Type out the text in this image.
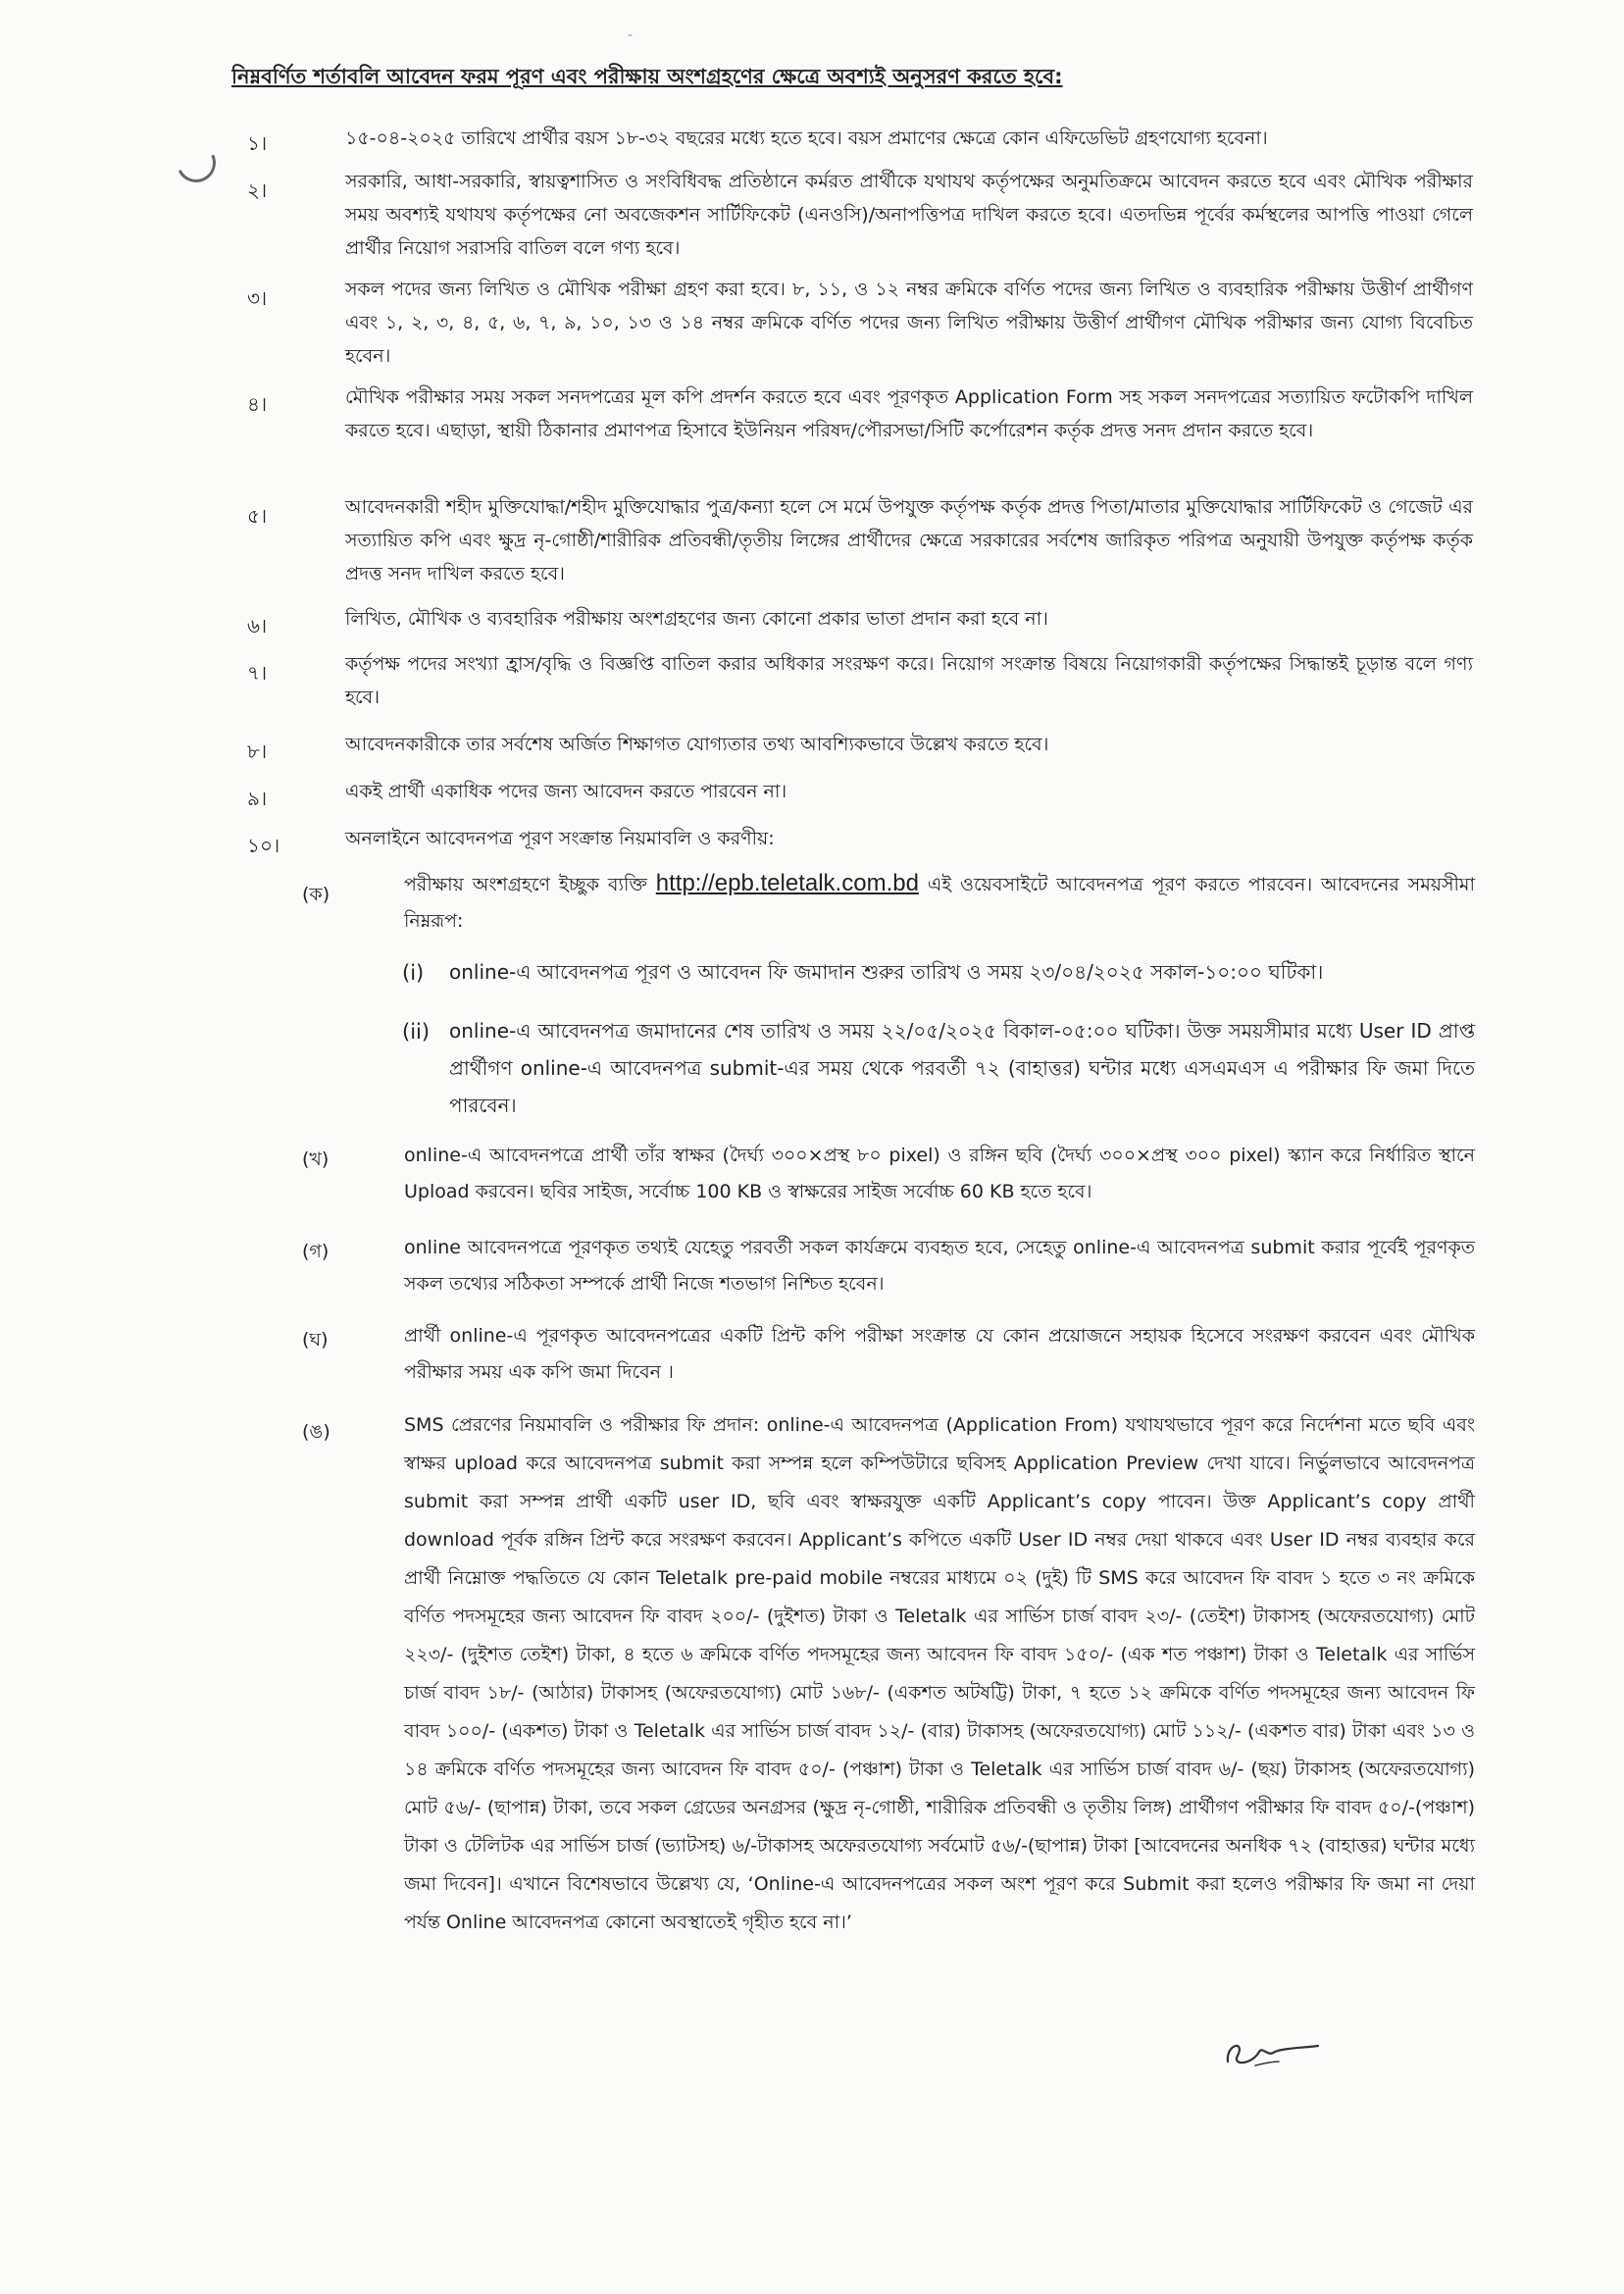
-
নিম্নবর্ণিত শর্তাবলি আবেদন ফরম পূরণ এবং পরীক্ষায় অংশগ্রহণের ক্ষেত্রে অবশ্যই অনুসরণ করতে হবে:
১।	১৫-০৪-২০২৫ তারিখে প্রার্থীর বয়স ১৮-৩২ বছরের মধ্যে হতে হবে। বয়স প্রমাণের ক্ষেত্রে কোন এফিডেভিট গ্রহণযোগ্য হবেনা।
২।	সরকারি, আধা-সরকারি, স্বায়ত্বশাসিত ও সংবিধিবদ্ধ প্রতিষ্ঠানে কর্মরত প্রার্থীকে যথাযথ কর্তৃপক্ষের অনুমতিক্রমে আবেদন করতে হবে এবং মৌখিক পরীক্ষার সময় অবশ্যই যথাযথ কর্তৃপক্ষের নো অবজেকশন সার্টিফিকেট (এনওসি)/অনাপত্তিপত্র দাখিল করতে হবে। এতদভিন্ন পূর্বের কর্মস্থলের আপত্তি পাওয়া গেলে প্রার্থীর নিয়োগ সরাসরি বাতিল বলে গণ্য হবে।
৩।	সকল পদের জন্য লিখিত ও মৌখিক পরীক্ষা গ্রহণ করা হবে। ৮, ১১, ও ১২ নম্বর ক্রমিকে বর্ণিত পদের জন্য লিখিত ও ব্যবহারিক পরীক্ষায় উত্তীর্ণ প্রার্থীগণ এবং ১, ২, ৩, ৪, ৫, ৬, ৭, ৯, ১০, ১৩ ও ১৪ নম্বর ক্রমিকে বর্ণিত পদের জন্য লিখিত পরীক্ষায় উত্তীর্ণ প্রার্থীগণ মৌখিক পরীক্ষার জন্য যোগ্য বিবেচিত হবেন।
৪।	মৌখিক পরীক্ষার সময় সকল সনদপত্রের মূল কপি প্রদর্শন করতে হবে এবং পূরণকৃত Application Form সহ সকল সনদপত্রের সত্যায়িত ফটোকপি দাখিল করতে হবে। এছাড়া, স্থায়ী ঠিকানার প্রমাণপত্র হিসাবে ইউনিয়ন পরিষদ/পৌরসভা/সিটি কর্পোরেশন কর্তৃক প্রদত্ত সনদ প্রদান করতে হবে।
৫।	আবেদনকারী শহীদ মুক্তিযোদ্ধা/শহীদ মুক্তিযোদ্ধার পুত্র/কন্যা হলে সে মর্মে উপযুক্ত কর্তৃপক্ষ কর্তৃক প্রদত্ত পিতা/মাতার মুক্তিযোদ্ধার সার্টিফিকেট ও গেজেট এর সত্যায়িত কপি এবং ক্ষুদ্র নৃ-গোষ্ঠী/শারীরিক প্রতিবন্ধী/তৃতীয় লিঙ্গের প্রার্থীদের ক্ষেত্রে সরকারের সর্বশেষ জারিকৃত পরিপত্র অনুযায়ী উপযুক্ত কর্তৃপক্ষ কর্তৃক প্রদত্ত সনদ দাখিল করতে হবে।
৬।	লিখিত, মৌখিক ও ব্যবহারিক পরীক্ষায় অংশগ্রহণের জন্য কোনো প্রকার ভাতা প্রদান করা হবে না।
৭।	কর্তৃপক্ষ পদের সংখ্যা হ্রাস/বৃদ্ধি ও বিজ্ঞপ্তি বাতিল করার অধিকার সংরক্ষণ করে। নিয়োগ সংক্রান্ত বিষয়ে নিয়োগকারী কর্তৃপক্ষের সিদ্ধান্তই চূড়ান্ত বলে গণ্য হবে।
৮।	আবেদনকারীকে তার সর্বশেষ অর্জিত শিক্ষাগত যোগ্যতার তথ্য আবশ্যিকভাবে উল্লেখ করতে হবে।
৯।	একই প্রার্থী একাধিক পদের জন্য আবেদন করতে পারবেন না।
১০।	অনলাইনে আবেদনপত্র পূরণ সংক্রান্ত নিয়মাবলি ও করণীয়:
(ক)	পরীক্ষায় অংশগ্রহণে ইচ্ছুক ব্যক্তি http://epb.teletalk.com.bd এই ওয়েবসাইটে আবেদনপত্র পূরণ করতে পারবেন। আবেদনের সময়সীমা নিম্নরূপ:
(i)	online-এ আবেদনপত্র পূরণ ও আবেদন ফি জমাদান শুরুর তারিখ ও সময় ২৩/০৪/২০২৫ সকাল-১০:০০ ঘটিকা।
(ii) online-এ আবেদনপত্র জমাদানের শেষ তারিখ ও সময় ২২/০৫/২০২৫ বিকাল-০৫:০০ ঘটিকা। উক্ত সময়সীমার মধ্যে User ID প্রাপ্ত প্রার্থীগণ online-এ আবেদনপত্র submit-এর সময় থেকে পরবর্তী ৭২ (বাহাত্তর) ঘন্টার মধ্যে এসএমএস এ পরীক্ষার ফি জমা দিতে পারবেন।
(খ)	online-এ আবেদনপত্রে প্রার্থী তাঁর স্বাক্ষর (দৈর্ঘ্য ৩০০×প্রস্থ ৮০ pixel) ও রঙ্গিন ছবি (দৈর্ঘ্য ৩০০×প্রস্থ ৩০০ pixel) স্ক্যান করে নির্ধারিত স্থানে Upload করবেন। ছবির সাইজ, সর্বোচ্চ 100 KB ও স্বাক্ষরের সাইজ সর্বোচ্চ 60 KB হতে হবে।
(গ)	online আবেদনপত্রে পূরণকৃত তথ্যই যেহেতু পরবর্তী সকল কার্যক্রমে ব্যবহৃত হবে, সেহেতু online-এ আবেদনপত্র submit করার পূর্বেই পূরণকৃত সকল তথ্যের সঠিকতা সম্পর্কে প্রার্থী নিজে শতভাগ নিশ্চিত হবেন।
(ঘ)	প্রার্থী online-এ পূরণকৃত আবেদনপত্রের একটি প্রিন্ট কপি পরীক্ষা সংক্রান্ত যে কোন প্রয়োজনে সহায়ক হিসেবে সংরক্ষণ করবেন এবং মৌখিক পরীক্ষার সময় এক কপি জমা দিবেন ।
(ঙ)	SMS প্রেরণের নিয়মাবলি ও পরীক্ষার ফি প্রদান: online-এ আবেদনপত্র (Application From) যথাযথভাবে পূরণ করে নির্দেশনা মতে ছবি এবং স্বাক্ষর upload করে আবেদনপত্র submit করা সম্পন্ন হলে কম্পিউটারে ছবিসহ Application Preview দেখা যাবে। নির্ভুলভাবে আবেদনপত্র submit করা সম্পন্ন প্রার্থী একটি user ID, ছবি এবং স্বাক্ষরযুক্ত একটি Applicant’s copy পাবেন। উক্ত Applicant’s copy প্রার্থী download পূর্বক রঙ্গিন প্রিন্ট করে সংরক্ষণ করবেন। Applicant’s কপিতে একটি User ID নম্বর দেয়া থাকবে এবং User ID নম্বর ব্যবহার করে প্রার্থী নিম্নোক্ত পদ্ধতিতে যে কোন Teletalk pre-paid mobile নম্বরের মাধ্যমে ০২ (দুই) টি SMS করে আবেদন ফি বাবদ ১ হতে ৩ নং ক্রমিকে বর্ণিত পদসমূহের জন্য আবেদন ফি বাবদ ২০০/- (দুইশত) টাকা ও Teletalk এর সার্ভিস চার্জ বাবদ ২৩/- (তেইশ) টাকাসহ (অফেরতযোগ্য) মোট ২২৩/- (দুইশত তেইশ) টাকা, ৪ হতে ৬ ক্রমিকে বর্ণিত পদসমূহের জন্য আবেদন ফি বাবদ ১৫০/- (এক শত পঞ্চাশ) টাকা ও Teletalk এর সার্ভিস চার্জ বাবদ ১৮/- (আঠার) টাকাসহ (অফেরতযোগ্য) মোট ১৬৮/- (একশত অটষট্টি) টাকা, ৭ হতে ১২ ক্রমিকে বর্ণিত পদসমূহের জন্য আবেদন ফি বাবদ ১০০/- (একশত) টাকা ও Teletalk এর সার্ভিস চার্জ বাবদ ১২/- (বার) টাকাসহ (অফেরতযোগ্য) মোট ১১২/- (একশত বার) টাকা এবং ১৩ ও ১৪ ক্রমিকে বর্ণিত পদসমূহের জন্য আবেদন ফি বাবদ ৫০/- (পঞ্চাশ) টাকা ও Teletalk এর সার্ভিস চার্জ বাবদ ৬/- (ছয়) টাকাসহ (অফেরতযোগ্য) মোট ৫৬/- (ছাপান্ন) টাকা, তবে সকল গ্রেডের অনগ্রসর (ক্ষুদ্র নৃ-গোষ্ঠী, শারীরিক প্রতিবন্ধী ও তৃতীয় লিঙ্গ) প্রার্থীগণ পরীক্ষার ফি বাবদ ৫০/-(পঞ্চাশ) টাকা ও টেলিটক এর সার্ভিস চার্জ (ভ্যাটসহ) ৬/-টাকাসহ অফেরতযোগ্য সর্বমোট ৫৬/-(ছাপান্ন) টাকা [আবেদনের অনধিক ৭২ (বাহাত্তর) ঘন্টার মধ্যে জমা দিবেন]। এখানে বিশেষভাবে উল্লেখ্য যে, ‘Online-এ আবেদনপত্রের সকল অংশ পূরণ করে Submit করা হলেও পরীক্ষার ফি জমা না দেয়া পর্যন্ত Online আবেদনপত্র কোনো অবস্থাতেই গৃহীত হবে না।’
